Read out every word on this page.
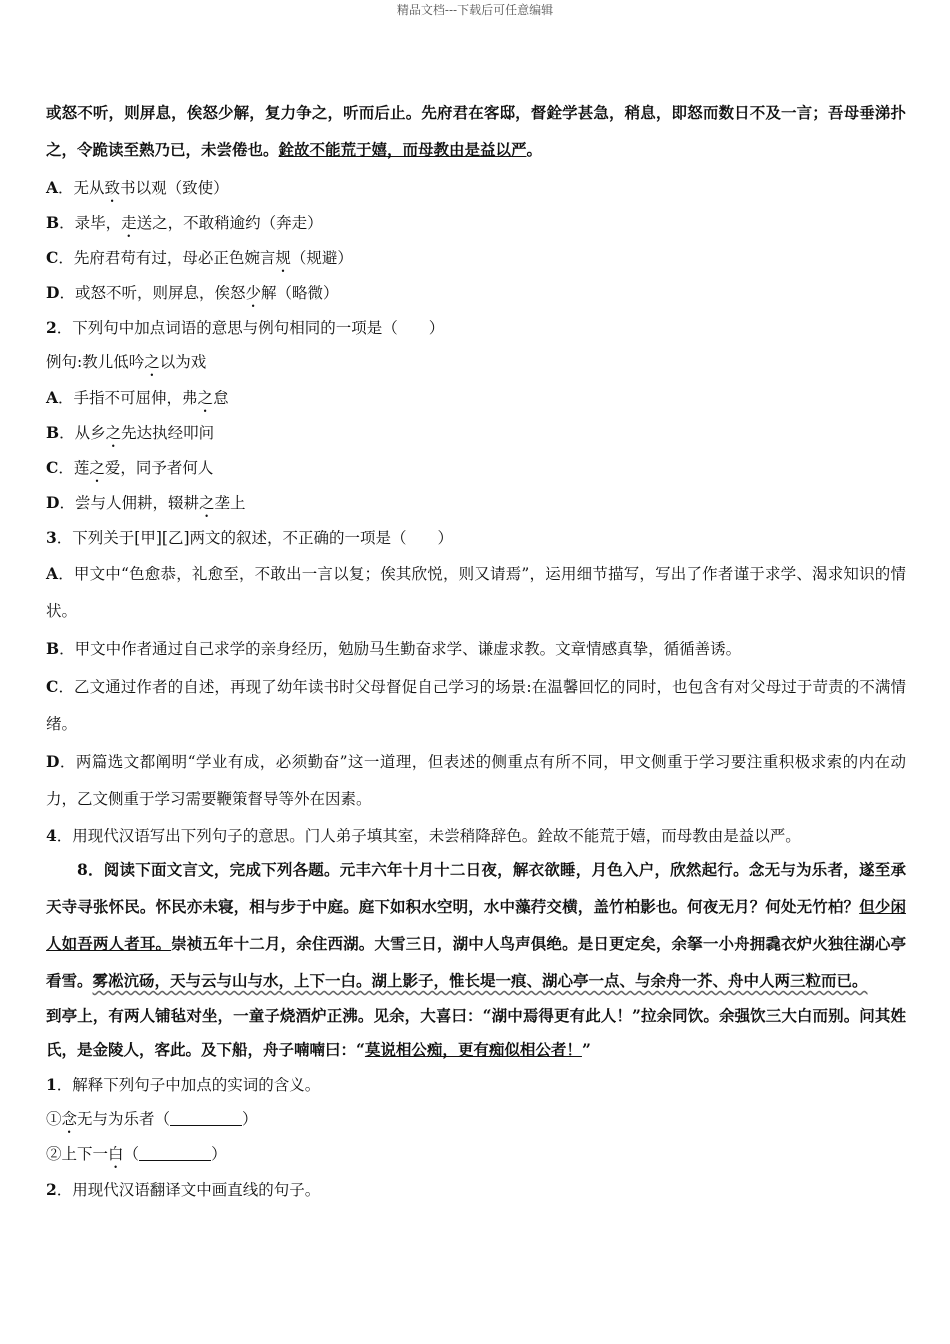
精品文档---下载后可任意编辑

或怒不听，则屏息，俟怒少解，复力争之，听而后止。先府君在客邸，督銓学甚急，稍息，即怒而数日不及一言；吾母垂涕扑之，令跪读至熟乃已，未尝倦也。銓故不能荒于嬉，而母教由是益以严。

A．无从致书以观（致使）
B．录毕，走送之，不敢稍逾约（奔走）
C．先府君苟有过，母必正色婉言规（规避）
D．或怒不听，则屏息，俟怒少解（略微）
2．下列句中加点词语的意思与例句相同的一项是（　　）
例句:教儿低吟之以为戏
A．手指不可屈伸，弗之怠
B．从乡之先达执经叩问
C．莲之爱，同予者何人
D．尝与人佣耕，辍耕之垄上
3．下列关于[甲][乙]两文的叙述，不正确的一项是（　　）

A．甲文中“色愈恭，礼愈至，不敢出一言以复；俟其欣悦，则又请焉”，运用细节描写，写出了作者谨于求学、渴求知识的情状。

B．甲文中作者通过自己求学的亲身经历，勉励马生勤奋求学、谦虚求教。文章情感真挚，循循善诱。

C．乙文通过作者的自述，再现了幼年读书时父母督促自己学习的场景:在温馨回忆的同时，也包含有对父母过于苛责的不满情绪。

D．两篇选文都阐明“学业有成，必须勤奋”这一道理，但表述的侧重点有所不同，甲文侧重于学习要注重积极求索的内在动力，乙文侧重于学习需要鞭策督导等外在因素。

4．用现代汉语写出下列句子的意思。门人弟子填其室，未尝稍降辞色。銓故不能荒于嬉，而母教由是益以严。

8．阅读下面文言文，完成下列各题。元丰六年十月十二日夜，解衣欲睡，月色入户，欣然起行。念无与为乐者，遂至承天寺寻张怀民。怀民亦未寝，相与步于中庭。庭下如积水空明，水中藻荇交横，盖竹柏影也。何夜无月？何处无竹柏？但少闲人如吾两人者耳。崇祯五年十二月，余住西湖。大雪三日，湖中人鸟声俱绝。是日更定矣，余拏一小舟拥毳衣炉火独往湖心亭看雪。雾凇沆砀，天与云与山与水，上下一白。湖上影子，惟长堤一痕、湖心亭一点、与余舟一芥、舟中人两三粒而已。

到亭上，有两人铺毡对坐，一童子烧酒炉正沸。见余，大喜曰：“湖中焉得更有此人！”拉余同饮。余强饮三大白而别。问其姓氏，是金陵人，客此。及下船，舟子喃喃曰：“莫说相公痴，更有痴似相公者！”

1．解释下列句子中加点的实词的含义。
①念无与为乐者（	）
②上下一白（	）
2．用现代汉语翻译文中画直线的句子。
